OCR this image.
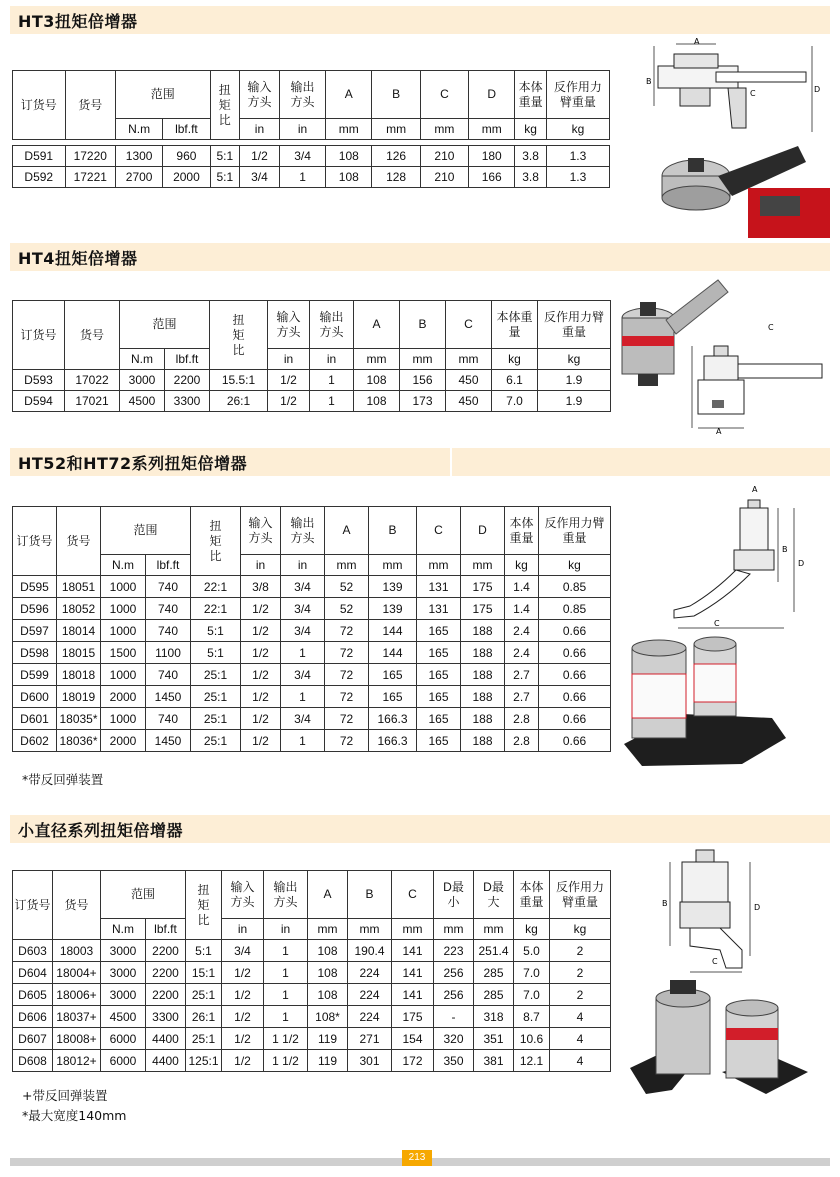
HT3扭矩倍增器
订货号	货号	范围		扭矩比	输入方头	输出方头	A	B	C	D	本体重量	反作用力臂重量
		N.m	lbf.ft		in	in	mm	mm	mm	mm	kg	kg

D591	17220	1300	960	5:1	1/2	3/4	108	126	210	180	3.8	1.3
D592	17221	2700	2000	5:1	3/4	1	108	128	210	166	3.8	1.3
A
B
C	D
HT4扭矩倍增器
订货号	货号	范围		扭矩比	输入方头	输出方头	A	B	C	本体重量	反作用力臂重量
		N.m	lbf.ft		in	in	mm	mm	mm	kg	kg
D593	17022	3000	2200	15.5:1	1/2	1	108	156	450	6.1	1.9
D594	17021	4500	3300	26:1	1/2	1	108	173	450	7.0	1.9
C
A
HT52和HT72系列扭矩倍增器
订货号	货号	范围		扭矩比	输入方头	输出方头	A	B	C	D	本体重量	反作用力臂重量
		N.m	lbf.ft		in	in	mm	mm	mm	mm	kg	kg
D595	18051	1000	740	22:1	3/8	3/4	52	139	131	175	1.4	0.85
D596	18052	1000	740	22:1	1/2	3/4	52	139	131	175	1.4	0.85
D597	18014	1000	740	5:1	1/2	3/4	72	144	165	188	2.4	0.66
D598	18015	1500	1100	5:1	1/2	1	72	144	165	188	2.4	0.66
D599	18018	1000	740	25:1	1/2	3/4	72	165	165	188	2.7	0.66
D600	18019	2000	1450	25:1	1/2	1	72	165	165	188	2.7	0.66
D601	18035*	1000	740	25:1	1/2	3/4	72	166.3	165	188	2.8	0.66
D602	18036*	2000	1450	25:1	1/2	1	72	166.3	165	188	2.8	0.66
*带反回弹装置
A
B
D
C
小直径系列扭矩倍增器
订货号	货号	范围		扭矩比	输入方头	输出方头	A	B	C	D最小	D最大	本体重量	反作用力臂重量
		N.m	lbf.ft		in	in	mm	mm	mm	mm	mm	kg	kg
D603	18003	3000	2200	5:1	3/4	1	108	190.4	141	223	251.4	5.0	2
D604	18004+	3000	2200	15:1	1/2	1	108	224	141	256	285	7.0	2
D605	18006+	3000	2200	25:1	1/2	1	108	224	141	256	285	7.0	2
D606	18037+	4500	3300	26:1	1/2	1	108*	224	175	-	318	8.7	4
D607	18008+	6000	4400	25:1	1/2	1 1/2	119	271	154	320	351	10.6	4
D608	18012+	6000	4400	125:1	1/2	1 1/2	119	301	172	350	381	12.1	4
+带反回弹装置
*最大宽度140mm
B	D
C
213
